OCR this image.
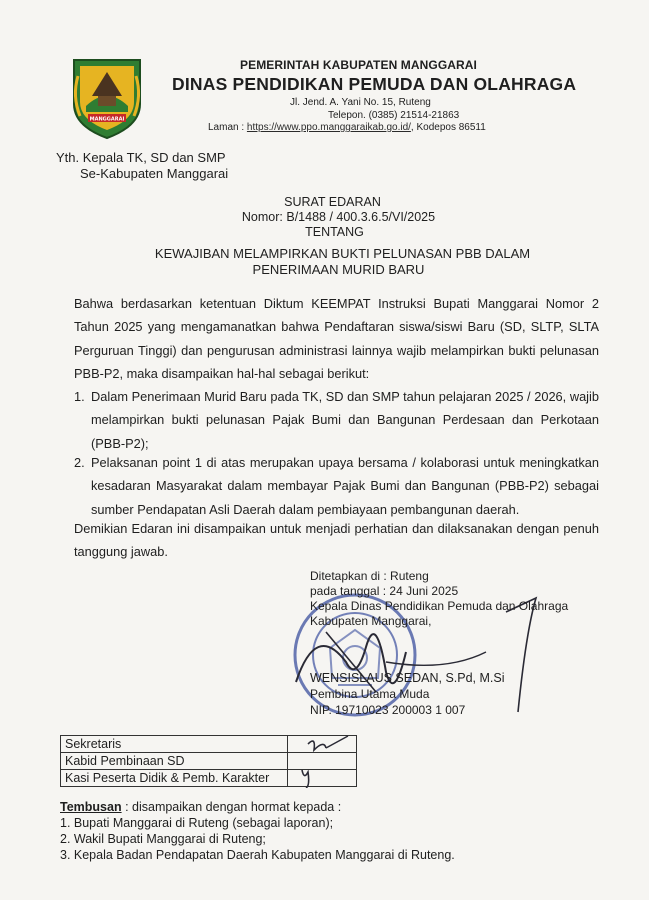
MANGGARAI
PEMERINTAH KABUPATEN MANGGARAI
DINAS PENDIDIKAN PEMUDA DAN OLAHRAGA
Jl. Jend. A. Yani No. 15, Ruteng
Telepon. (0385) 21514-21863
Laman : https://www.ppo.manggaraikab.go.id/, Kodepos 86511
Yth. Kepala TK, SD dan SMP
Se-Kabupaten Manggarai
SURAT EDARAN
Nomor: B/1488 / 400.3.6.5/VI/2025
TENTANG
KEWAJIBAN MELAMPIRKAN BUKTI PELUNASAN PBB DALAM
PENERIMAAN MURID BARU
Bahwa berdasarkan ketentuan Diktum KEEMPAT Instruksi Bupati Manggarai Nomor 2 Tahun 2025 yang mengamanatkan bahwa Pendaftaran siswa/siswi Baru (SD, SLTP, SLTA Perguruan Tinggi) dan pengurusan administrasi lainnya wajib melampirkan bukti pelunasan PBB-P2, maka disampaikan hal-hal sebagai berikut:
1. Dalam Penerimaan Murid Baru pada TK, SD dan SMP tahun pelajaran 2025 / 2026, wajib melampirkan bukti pelunasan Pajak Bumi dan Bangunan Perdesaan dan Perkotaan (PBB-P2);
2. Pelaksanan point 1 di atas merupakan upaya bersama / kolaborasi untuk meningkatkan kesadaran Masyarakat dalam membayar Pajak Bumi dan Bangunan (PBB-P2) sebagai sumber Pendapatan Asli Daerah dalam pembiayaan pembangunan daerah.
Demikian Edaran ini disampaikan untuk menjadi perhatian dan dilaksanakan dengan penuh tanggung jawab.
Ditetapkan di : Ruteng
pada tanggal : 24 Juni 2025
Kepala Dinas Pendidikan Pemuda dan Olahraga
Kabupaten Manggarai,
WENSISLAUS SEDAN, S.Pd, M.Si
Pembina Utama Muda
NIP. 19710023 200003 1 007
Sekretaris	
Kabid Pembinaan SD	
Kasi Peserta Didik & Pemb. Karakter	
Tembusan : disampaikan dengan hormat kepada :
1. Bupati Manggarai di Ruteng (sebagai laporan);
2. Wakil Bupati Manggarai di Ruteng;
3. Kepala Badan Pendapatan Daerah Kabupaten Manggarai di Ruteng.
